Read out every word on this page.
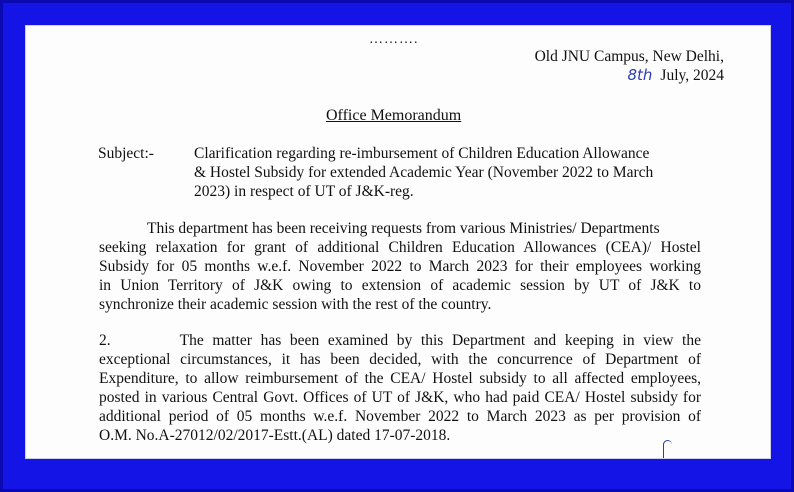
……….
Old JNU Campus, New Delhi,
8th July, 2024
Office Memorandum
Subject:-	Clarification regarding re-imbursement of Children Education Allowance
& Hostel Subsidy for extended Academic Year (November 2022 to March
2023) in respect of UT of J&K-reg.
This department has been receiving requests from various Ministries/ Departments
seeking relaxation for grant of additional Children Education Allowances (CEA)/ Hostel
Subsidy for 05 months w.e.f. November 2022 to March 2023 for their employees working
in Union Territory of J&K owing to extension of academic session by UT of J&K to
synchronize their academic session with the rest of the country.
2.        The matter has been examined by this Department and keeping in view the
exceptional circumstances, it has been decided, with the concurrence of Department of
Expenditure, to allow reimbursement of the CEA/ Hostel subsidy to all affected employees,
posted in various Central Govt. Offices of UT of J&K, who had paid CEA/ Hostel subsidy for
additional period of 05 months w.e.f. November 2022 to March 2023 as per provision of
O.M. No.A-27012/02/2017-Estt.(AL) dated 17-07-2018.
